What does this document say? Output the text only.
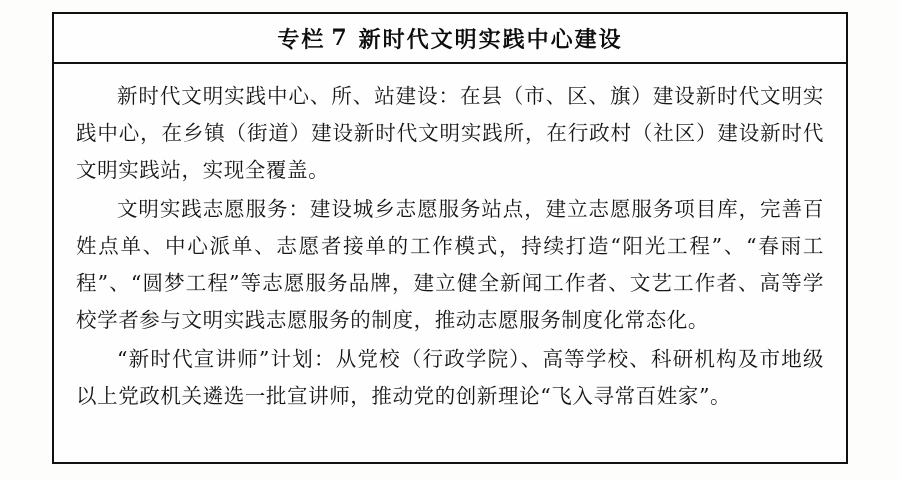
专栏 7 新时代文明实践中心建设

新时代文明实践中心、所、站建设：在县（市、区、旗）建设新时代文明实践中心，在乡镇（街道）建设新时代文明实践所，在行政村（社区）建设新时代文明实践站，实现全覆盖。

文明实践志愿服务：建设城乡志愿服务站点，建立志愿服务项目库，完善百姓点单、中心派单、志愿者接单的工作模式，持续打造“阳光工程”、“春雨工程”、“圆梦工程”等志愿服务品牌，建立健全新闻工作者、文艺工作者、高等学校学者参与文明实践志愿服务的制度，推动志愿服务制度化常态化。

“新时代宣讲师”计划：从党校（行政学院）、高等学校、科研机构及市地级以上党政机关遴选一批宣讲师，推动党的创新理论“飞入寻常百姓家”。
